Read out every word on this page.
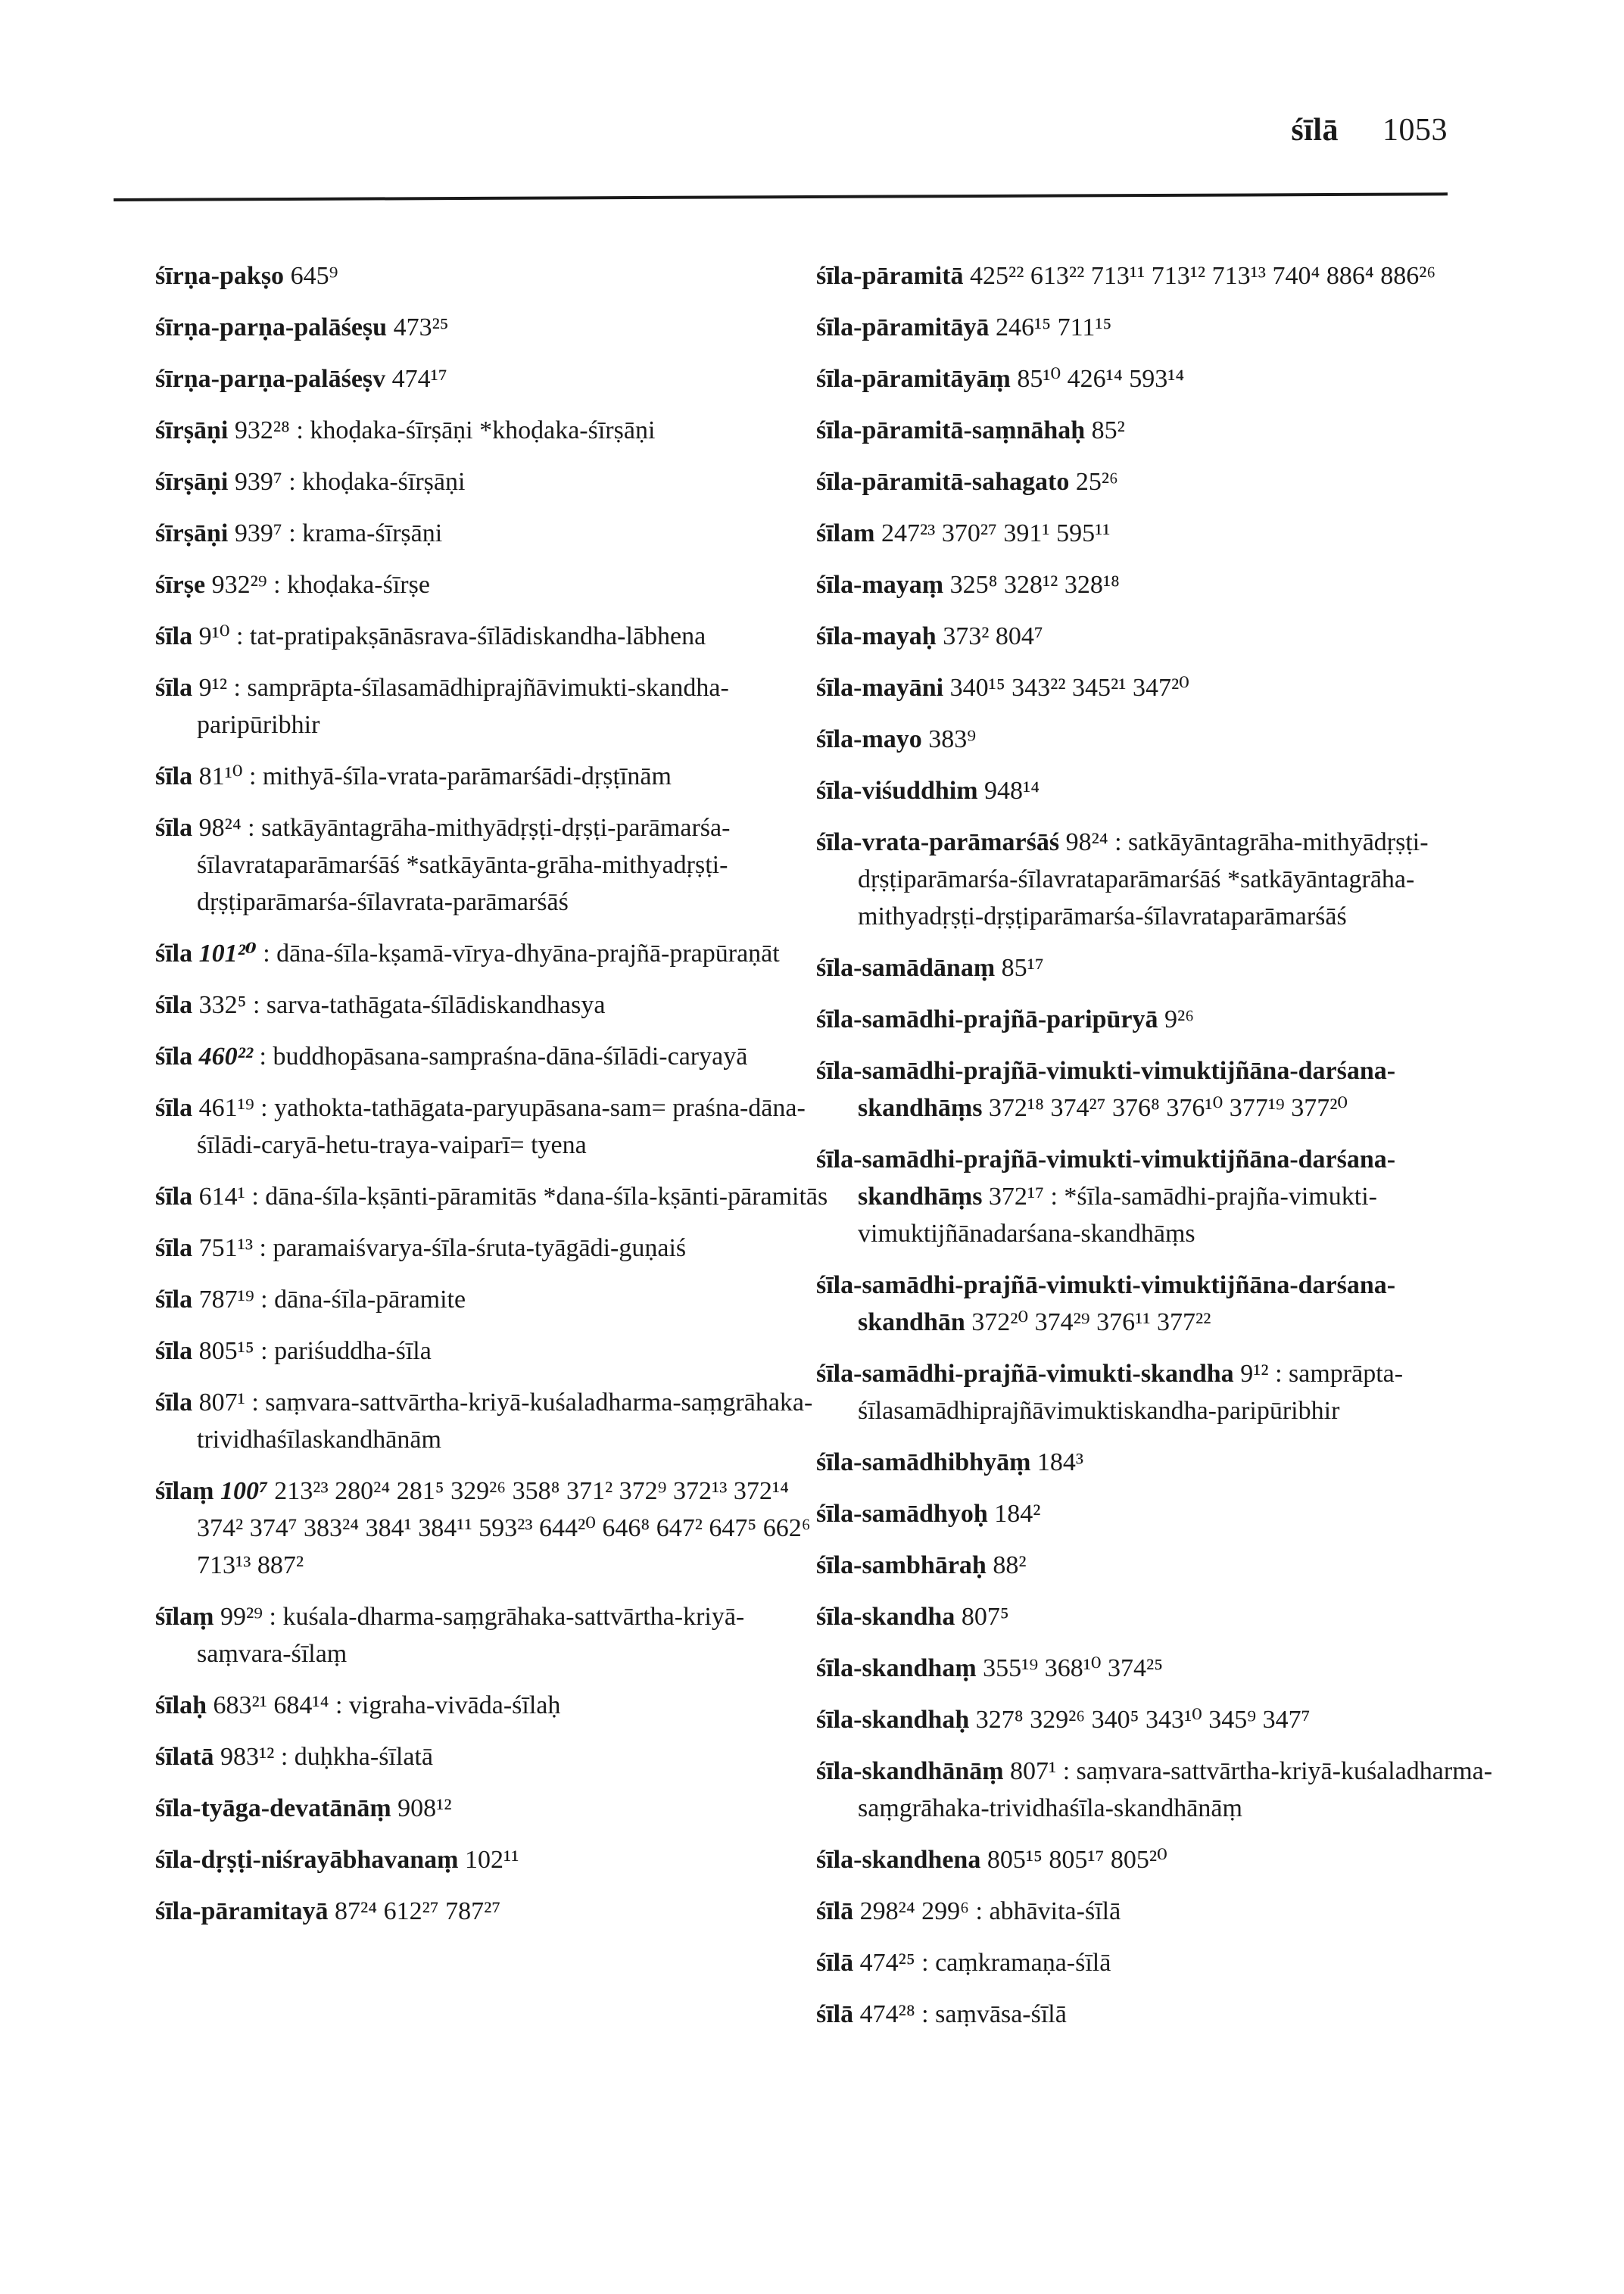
śīlā 1053
śīrṇa-pakṣo 645⁹
śīrṇa-parṇa-palāśeṣu 473²⁵
śīrṇa-parṇa-palāśeṣv 474¹⁷
śīrṣāṇi 932²⁸ : khoḍaka-śīrṣāṇi *khoḍaka-śīrṣāṇi
śīrṣāṇi 939⁷ : khoḍaka-śīrṣāṇi
śīrṣāṇi 939⁷ : krama-śīrṣāṇi
śīrṣe 932²⁹ : khoḍaka-śīrṣe
śīla 9¹⁰ : tat-pratipakṣānāsrava-śīlādiskandha-lābhena
śīla 9¹² : samprāpta-śīlasamādhiprajñāvimukti-skandha-paripūribhir
śīla 81¹⁰ : mithyā-śīla-vrata-parāmarśādi-dṛṣṭīnām
śīla 98²⁴ : satkāyāntagrāha-mithyādṛṣṭi-dṛṣṭi-parāmarśa-śīlavrataparāmarśāś *satkāyānta-grāha-mithyadṛṣṭi-dṛṣṭiparāmarśa-śīlavrata-parāmarśāś
śīla 101²⁰ : dāna-śīla-kṣamā-vīrya-dhyāna-prajñā-prapūraṇāt
śīla 332⁵ : sarva-tathāgata-śīlādiskandhasya
śīla 460²² : buddhopāsana-sampraśna-dāna-śīlādi-caryayā
śīla 461¹⁹ : yathokta-tathāgata-paryupāsana-sam= praśna-dāna-śīlādi-caryā-hetu-traya-vaiparī= tyena
śīla 614¹ : dāna-śīla-kṣānti-pāramitās *dana-śīla-kṣānti-pāramitās
śīla 751¹³ : paramaiśvarya-śīla-śruta-tyāgādi-guṇaiś
śīla 787¹⁹ : dāna-śīla-pāramite
śīla 805¹⁵ : pariśuddha-śīla
śīla 807¹ : saṃvara-sattvārtha-kriyā-kuśaladharma-saṃgrāhaka-trividhaśīlaskandhānām
śīlaṃ 100⁷ 213²³ 280²⁴ 281⁵ 329²⁶ 358⁸ 371² 372⁹ 372¹³ 372¹⁴ 374² 374⁷ 383²⁴ 384¹ 384¹¹ 593²³ 644²⁰ 646⁸ 647² 647⁵ 662⁶ 713¹³ 887²
śīlaṃ 99²⁹ : kuśala-dharma-saṃgrāhaka-sattvārtha-kriyā-saṃvara-śīlaṃ
śīlaḥ 683²¹ 684¹⁴ : vigraha-vivāda-śīlaḥ
śīlatā 983¹² : duḥkha-śīlatā
śīla-tyāga-devatānāṃ 908¹²
śīla-dṛṣṭi-niśrayābhavanaṃ 102¹¹
śīla-pāramitayā 87²⁴ 612²⁷ 787²⁷
śīla-pāramitā 425²² 613²² 713¹¹ 713¹² 713¹³ 740⁴ 886⁴ 886²⁶
śīla-pāramitāyā 246¹⁵ 711¹⁵
śīla-pāramitāyāṃ 85¹⁰ 426¹⁴ 593¹⁴
śīla-pāramitā-saṃnāhaḥ 85²
śīla-pāramitā-sahagato 25²⁶
śīlam 247²³ 370²⁷ 391¹ 595¹¹
śīla-mayaṃ 325⁸ 328¹² 328¹⁸
śīla-mayaḥ 373² 804⁷
śīla-mayāni 340¹⁵ 343²² 345²¹ 347²⁰
śīla-mayo 383⁹
śīla-viśuddhim 948¹⁴
śīla-vrata-parāmarśāś 98²⁴ : satkāyāntagrāha-mithyādṛṣṭi-dṛṣṭiparāmarśa-śīlavrataparāmarśāś *satkāyāntagrāha-mithyadṛṣṭi-dṛṣṭiparāmarśa-śīlavrataparāmarśāś
śīla-samādānaṃ 85¹⁷
śīla-samādhi-prajñā-paripūryā 9²⁶
śīla-samādhi-prajñā-vimukti-vimuktijñāna-darśana-skandhāṃs 372¹⁸ 374²⁷ 376⁸ 376¹⁰ 377¹⁹ 377²⁰
śīla-samādhi-prajñā-vimukti-vimuktijñāna-darśana-skandhāṃs 372¹⁷ : *śīla-samādhi-prajña-vimukti-vimuktijñānadarśana-skandhāṃs
śīla-samādhi-prajñā-vimukti-vimuktijñāna-darśana-skandhān 372²⁰ 374²⁹ 376¹¹ 377²²
śīla-samādhi-prajñā-vimukti-skandha 9¹² : samprāpta-śīlasamādhiprajñāvimuktiskandha-paripūribhir
śīla-samādhibhyāṃ 184³
śīla-samādhyoḥ 184²
śīla-sambhāraḥ 88²
śīla-skandha 807⁵
śīla-skandhaṃ 355¹⁹ 368¹⁰ 374²⁵
śīla-skandhaḥ 327⁸ 329²⁶ 340⁵ 343¹⁰ 345⁹ 347⁷
śīla-skandhānāṃ 807¹ : saṃvara-sattvārtha-kriyā-kuśaladharma-saṃgrāhaka-trividhaśīla-skandhānāṃ
śīla-skandhena 805¹⁵ 805¹⁷ 805²⁰
śīlā 298²⁴ 299⁶ : abhāvita-śīlā
śīlā 474²⁵ : caṃkramaṇa-śīlā
śīlā 474²⁸ : saṃvāsa-śīlā
